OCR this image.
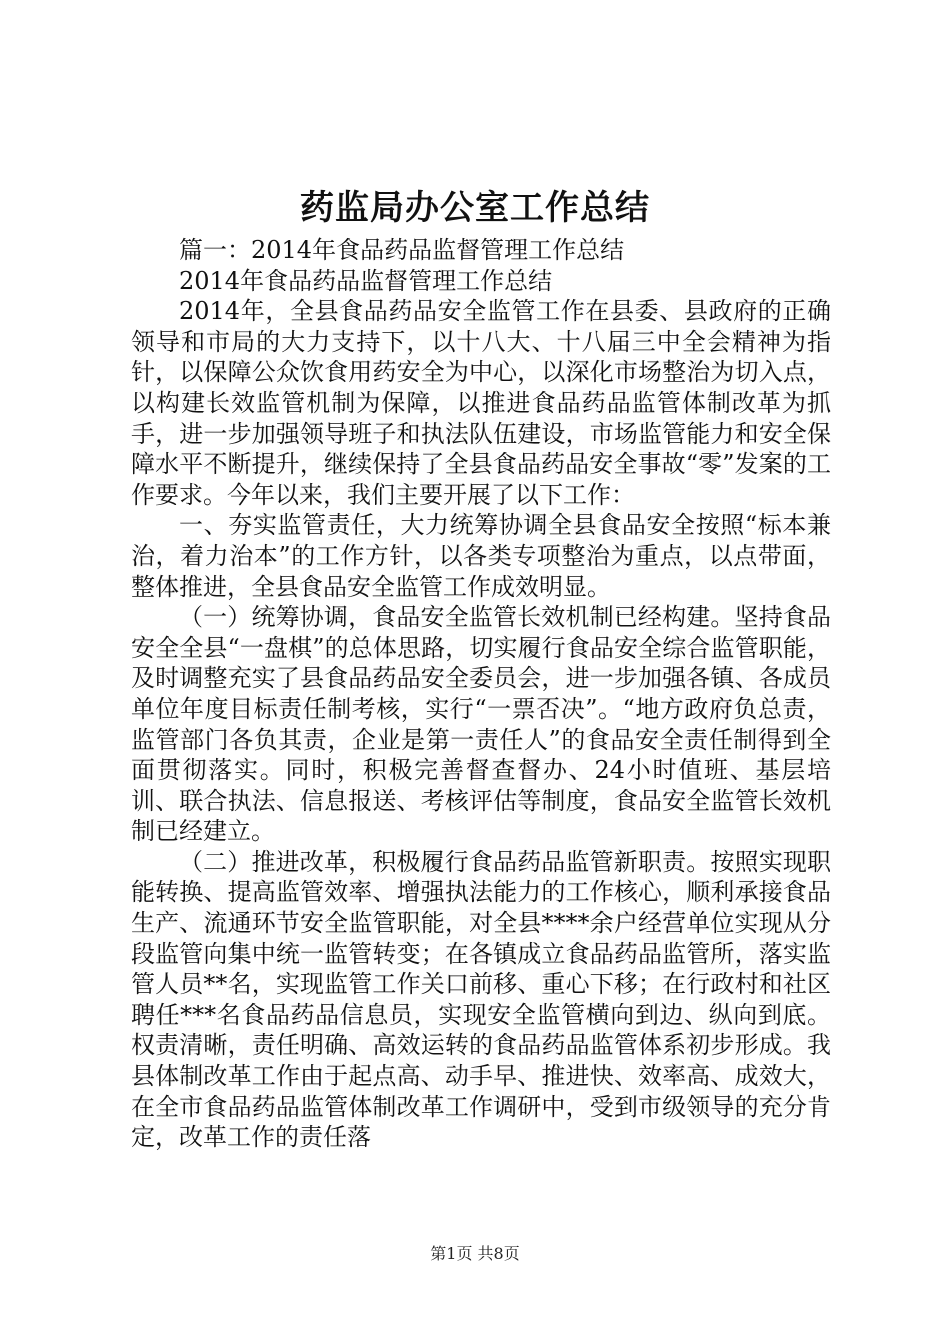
药监局办公室工作总结

篇一：2014年食品药品监督管理工作总结

2014年食品药品监督管理工作总结

2014年，全县食品药品安全监管工作在县委、县政府的正确领导和市局的大力支持下，以十八大、十八届三中全会精神为指针，以保障公众饮食用药安全为中心，以深化市场整治为切入点，以构建长效监管机制为保障，以推进食品药品监管体制改革为抓手，进一步加强领导班子和执法队伍建设，市场监管能力和安全保障水平不断提升，继续保持了全县食品药品安全事故“零”发案的工作要求。今年以来，我们主要开展了以下工作：

一、夯实监管责任，大力统筹协调全县食品安全按照“标本兼治，着力治本”的工作方针，以各类专项整治为重点，以点带面，整体推进，全县食品安全监管工作成效明显。

（一）统筹协调，食品安全监管长效机制已经构建。坚持食品安全全县“一盘棋”的总体思路，切实履行食品安全综合监管职能，及时调整充实了县食品药品安全委员会，进一步加强各镇、各成员单位年度目标责任制考核，实行“一票否决”。“地方政府负总责，监管部门各负其责，企业是第一责任人”的食品安全责任制得到全面贯彻落实。同时，积极完善督查督办、24小时值班、基层培训、联合执法、信息报送、考核评估等制度，食品安全监管长效机制已经建立。

（二）推进改革，积极履行食品药品监管新职责。按照实现职能转换、提高监管效率、增强执法能力的工作核心，顺利承接食品生产、流通环节安全监管职能，对全县****余户经营单位实现从分段监管向集中统一监管转变；在各镇成立食品药品监管所，落实监管人员**名，实现监管工作关口前移、重心下移；在行政村和社区聘任***名食品药品信息员，实现安全监管横向到边、纵向到底。权责清晰，责任明确、高效运转的食品药品监管体系初步形成。我县体制改革工作由于起点高、动手早、推进快、效率高、成效大，在全市食品药品监管体制改革工作调研中，受到市级领导的充分肯定，改革工作的责任落

第1页 共8页
